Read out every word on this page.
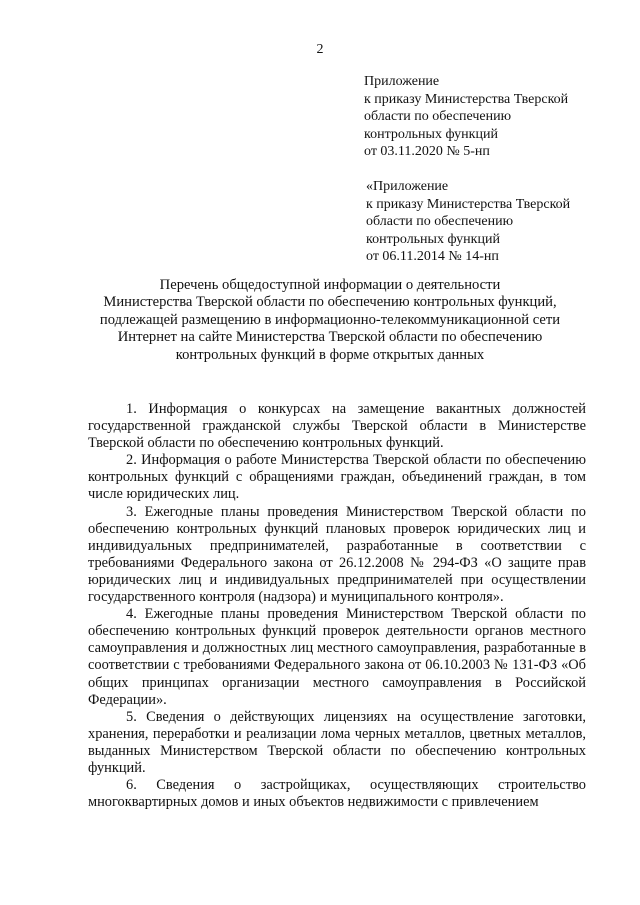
2
Приложение
к приказу Министерства Тверской
области по обеспечению
контрольных функций
от 03.11.2020 № 5-нп
«Приложение
к приказу Министерства Тверской
области по обеспечению
контрольных функций
от 06.11.2014 № 14-нп
Перечень общедоступной информации о деятельности
Министерства Тверской области по обеспечению контрольных функций,
подлежащей размещению в информационно-телекоммуникационной сети
Интернет на сайте Министерства Тверской области по обеспечению
контрольных функций в форме открытых данных

1. Информация о конкурсах на замещение вакантных должностей государственной гражданской службы Тверской области в Министерстве Тверской области по обеспечению контрольных функций.

2. Информация о работе Министерства Тверской области по обеспечению контрольных функций с обращениями граждан, объединений граждан, в том числе юридических лиц.

3. Ежегодные планы проведения Министерством Тверской области по обеспечению контрольных функций плановых проверок юридических лиц и индивидуальных предпринимателей, разработанные в соответствии с требованиями Федерального закона от 26.12.2008 № 294-ФЗ «О защите прав юридических лиц и индивидуальных предпринимателей при осуществлении государственного контроля (надзора) и муниципального контроля».

4. Ежегодные планы проведения Министерством Тверской области по обеспечению контрольных функций проверок деятельности органов местного самоуправления и должностных лиц местного самоуправления, разработанные в соответствии с требованиями Федерального закона от 06.10.2003 № 131-ФЗ «Об общих принципах организации местного самоуправления в Российской Федерации».

5. Сведения о действующих лицензиях на осуществление заготовки, хранения, переработки и реализации лома черных металлов, цветных металлов, выданных Министерством Тверской области по обеспечению контрольных функций.

6. Сведения о застройщиках, осуществляющих строительство многоквартирных домов и иных объектов недвижимости с привлечением
